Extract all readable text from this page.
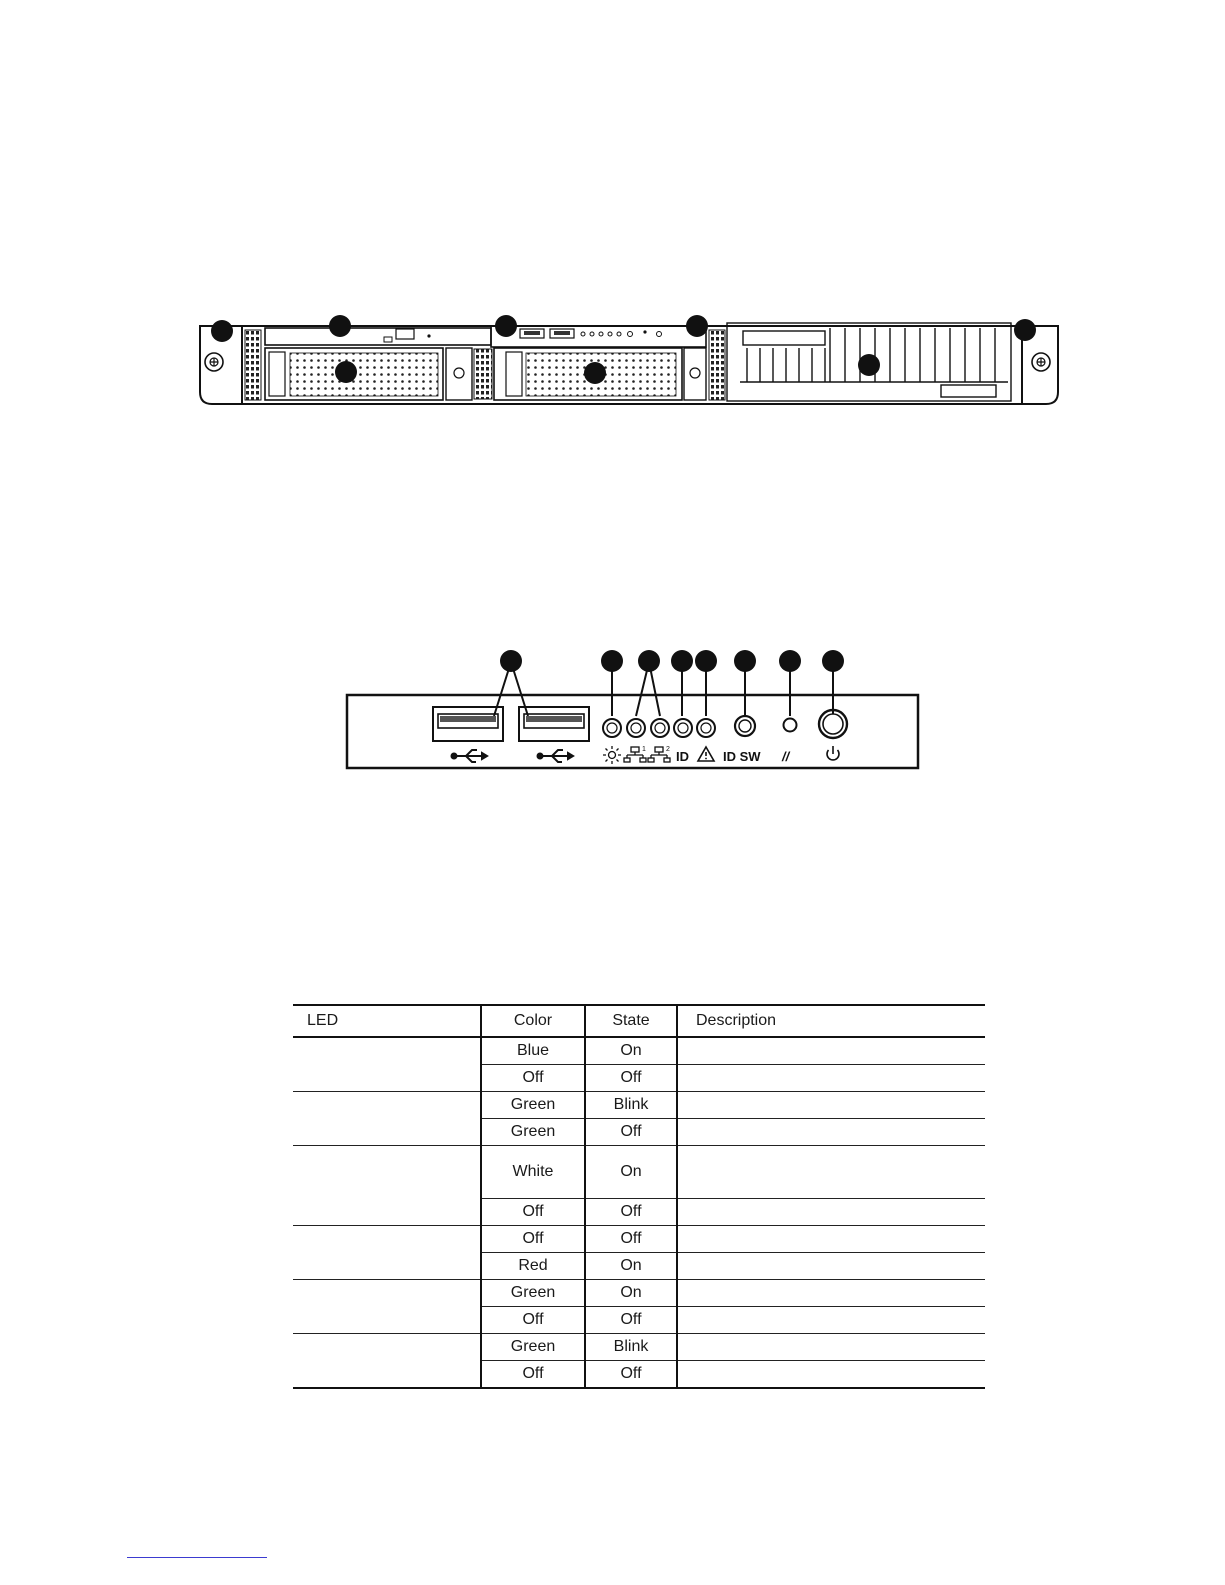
1	2 ID	ID SW //
LED	Color	State	Description
	Blue	On	
	Off	Off	
	Green	Blink	
	Green	Off	
	White	On	
	Off	Off	
	Off	Off	
	Red	On	
	Green	On	
	Off	Off	
	Green	Blink	
	Off	Off	
